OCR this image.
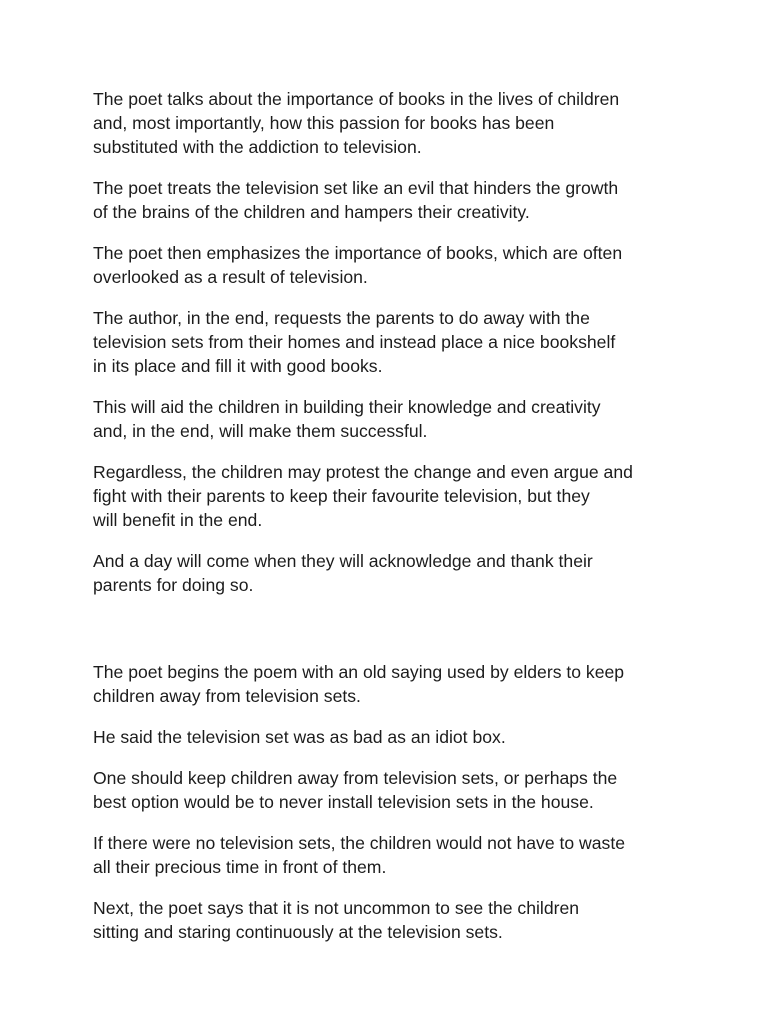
The poet talks about the importance of books in the lives of children
and, most importantly, how this passion for books has been
substituted with the addiction to television.

The poet treats the television set like an evil that hinders the growth
of the brains of the children and hampers their creativity.

The poet then emphasizes the importance of books, which are often
overlooked as a result of television.

The author, in the end, requests the parents to do away with the
television sets from their homes and instead place a nice bookshelf
in its place and fill it with good books.

This will aid the children in building their knowledge and creativity
and, in the end, will make them successful.

Regardless, the children may protest the change and even argue and
fight with their parents to keep their favourite television, but they
will benefit in the end.

And a day will come when they will acknowledge and thank their
parents for doing so.

The poet begins the poem with an old saying used by elders to keep
children away from television sets.

He said the television set was as bad as an idiot box.

One should keep children away from television sets, or perhaps the
best option would be to never install television sets in the house.

If there were no television sets, the children would not have to waste
all their precious time in front of them.

Next, the poet says that it is not uncommon to see the children
sitting and staring continuously at the television sets.
